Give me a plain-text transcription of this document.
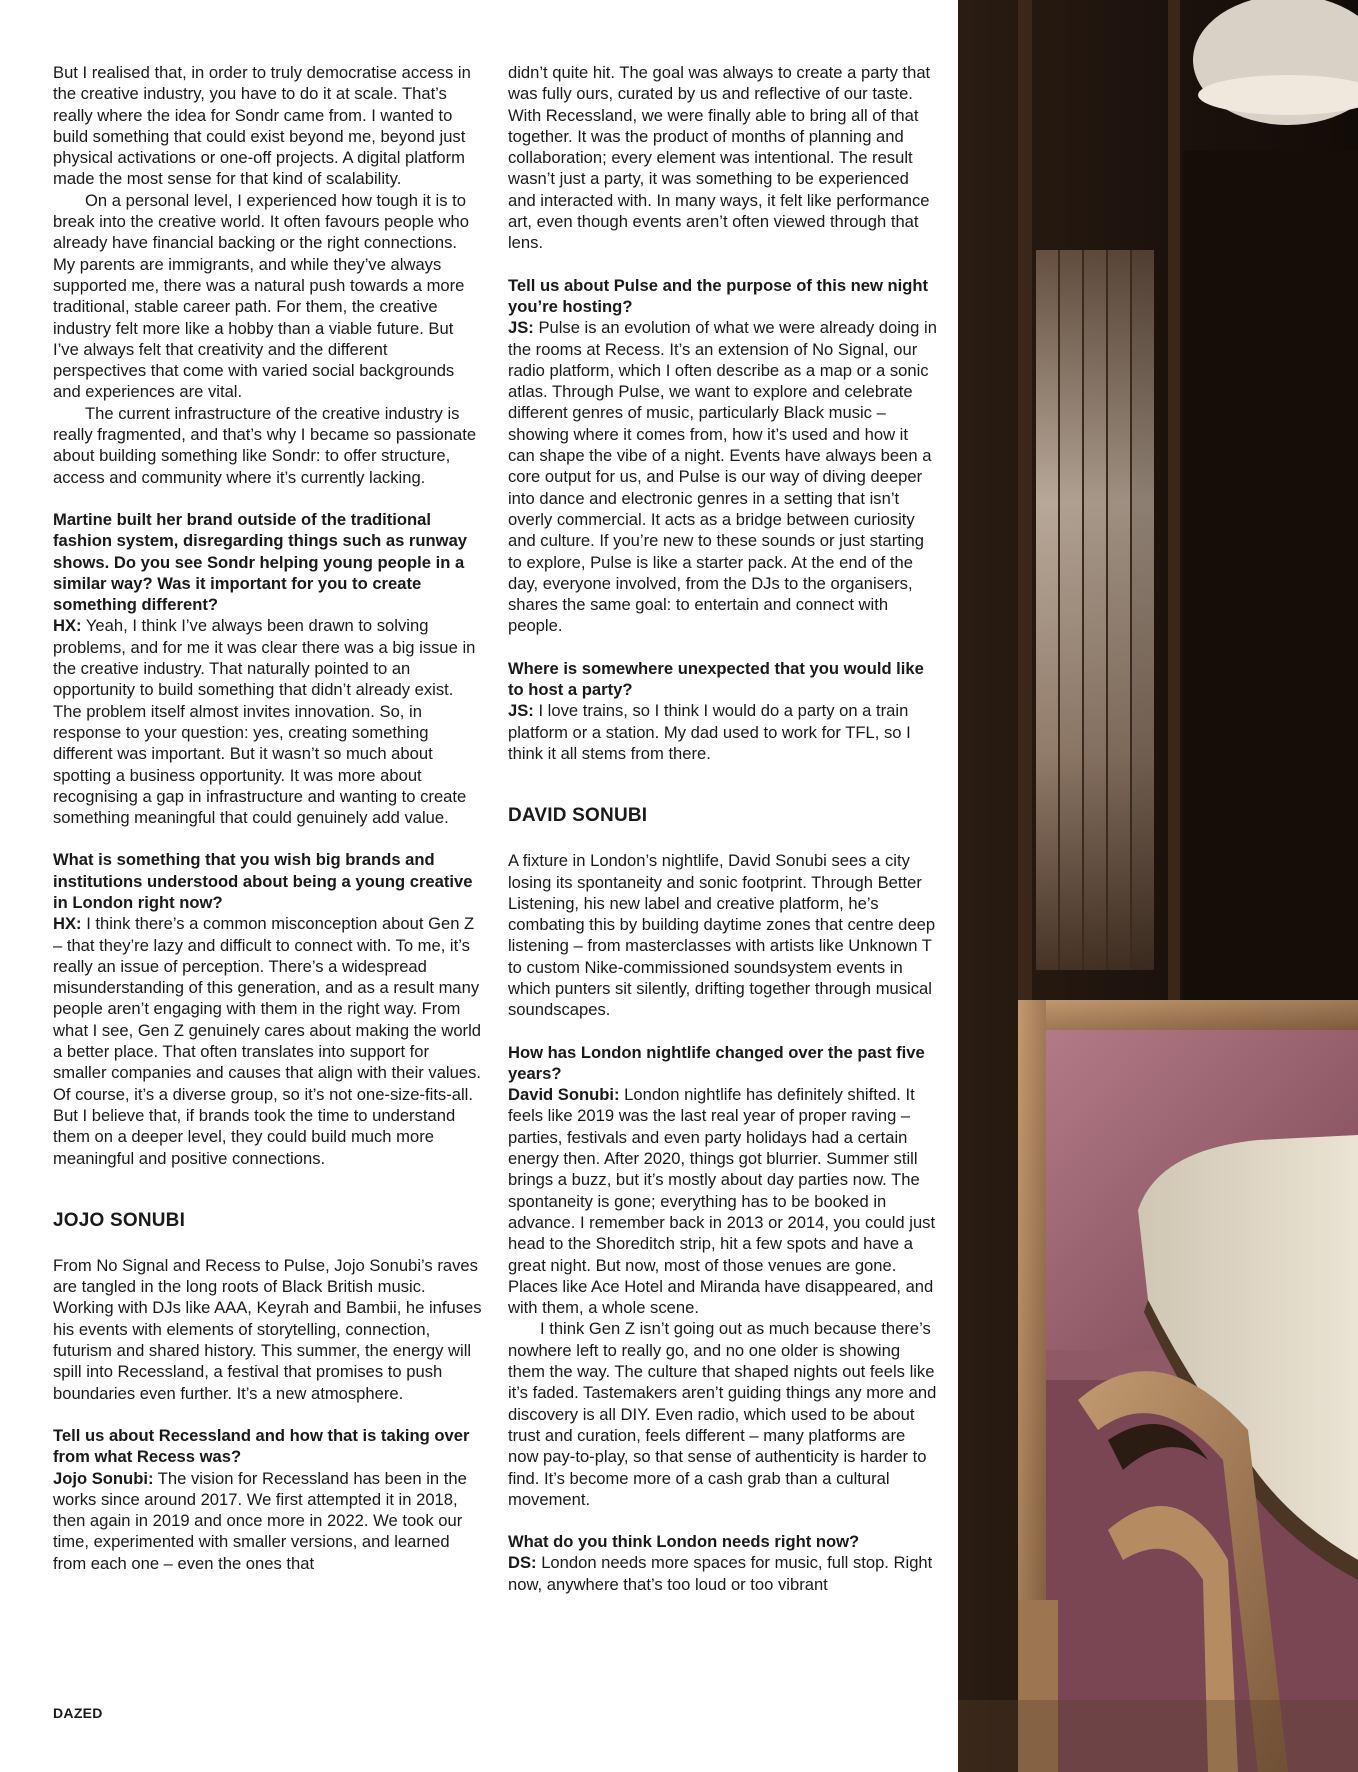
But I realised that, in order to truly democratise access in the creative industry, you have to do it at scale. That’s really where the idea for Sondr came from. I wanted to build something that could exist beyond me, beyond just physical activations or one-off projects. A digital platform made the most sense for that kind of scalability.

On a personal level, I experienced how tough it is to break into the creative world. It often favours people who already have financial backing or the right connections. My parents are immigrants, and while they’ve always supported me, there was a natural push towards a more traditional, stable career path. For them, the creative industry felt more like a hobby than a viable future. But I’ve always felt that creativity and the different perspectives that come with varied social backgrounds and experiences are vital.

The current infrastructure of the creative industry is really fragmented, and that’s why I became so passionate about building something like Sondr: to offer structure, access and community where it’s currently lacking.

Martine built her brand outside of the traditional fashion system, disregarding things such as runway shows. Do you see Sondr helping young people in a similar way? Was it important for you to create something different?

HX: Yeah, I think I’ve always been drawn to solving problems, and for me it was clear there was a big issue in the creative industry. That naturally pointed to an opportunity to build something that didn’t already exist. The problem itself almost invites innovation. So, in response to your question: yes, creating something different was important. But it wasn’t so much about spotting a business opportunity. It was more about recognising a gap in infrastructure and wanting to create something meaningful that could genuinely add value.

What is something that you wish big brands and institutions understood about being a young creative in London right now?

HX: I think there’s a common misconception about Gen Z – that they’re lazy and difficult to connect with. To me, it’s really an issue of perception. There’s a widespread misunderstanding of this generation, and as a result many people aren’t engaging with them in the right way. From what I see, Gen Z genuinely cares about making the world a better place. That often translates into support for smaller companies and causes that align with their values. Of course, it’s a diverse group, so it’s not one-size-fits-all. But I believe that, if brands took the time to understand them on a deeper level, they could build much more meaningful and positive connections.

JOJO SONUBI

From No Signal and Recess to Pulse, Jojo Sonubi’s raves are tangled in the long roots of Black British music. Working with DJs like AAA, Keyrah and Bambii, he infuses his events with elements of storytelling, connection, futurism and shared history. This summer, the energy will spill into Recessland, a festival that promises to push boundaries even further. It’s a new atmosphere.

Tell us about Recessland and how that is taking over from what Recess was?

Jojo Sonubi: The vision for Recessland has been in the works since around 2017. We first attempted it in 2018, then again in 2019 and once more in 2022. We took our time, experimented with smaller versions, and learned from each one – even the ones that

didn’t quite hit. The goal was always to create a party that was fully ours, curated by us and reflective of our taste. With Recessland, we were finally able to bring all of that together. It was the product of months of planning and collaboration; every element was intentional. The result wasn’t just a party, it was something to be experienced and interacted with. In many ways, it felt like performance art, even though events aren’t often viewed through that lens.

Tell us about Pulse and the purpose of this new night you’re hosting?

JS: Pulse is an evolution of what we were already doing in the rooms at Recess. It’s an extension of No Signal, our radio platform, which I often describe as a map or a sonic atlas. Through Pulse, we want to explore and celebrate different genres of music, particularly Black music – showing where it comes from, how it’s used and how it can shape the vibe of a night. Events have always been a core output for us, and Pulse is our way of diving deeper into dance and electronic genres in a setting that isn’t overly commercial. It acts as a bridge between curiosity and culture. If you’re new to these sounds or just starting to explore, Pulse is like a starter pack. At the end of the day, everyone involved, from the DJs to the organisers, shares the same goal: to entertain and connect with people.

Where is somewhere unexpected that you would like to host a party?

JS: I love trains, so I think I would do a party on a train platform or a station. My dad used to work for TFL, so I think it all stems from there.

DAVID SONUBI

A fixture in London’s nightlife, David Sonubi sees a city losing its spontaneity and sonic footprint. Through Better Listening, his new label and creative platform, he’s combating this by building daytime zones that centre deep listening – from masterclasses with artists like Unknown T to custom Nike-commissioned soundsystem events in which punters sit silently, drifting together through musical soundscapes.

How has London nightlife changed over the past five years?

David Sonubi: London nightlife has definitely shifted. It feels like 2019 was the last real year of proper raving – parties, festivals and even party holidays had a certain energy then. After 2020, things got blurrier. Summer still brings a buzz, but it’s mostly about day parties now. The spontaneity is gone; everything has to be booked in advance. I remember back in 2013 or 2014, you could just head to the Shoreditch strip, hit a few spots and have a great night. But now, most of those venues are gone. Places like Ace Hotel and Miranda have disappeared, and with them, a whole scene.

I think Gen Z isn’t going out as much because there’s nowhere left to really go, and no one older is showing them the way. The culture that shaped nights out feels like it’s faded. Tastemakers aren’t guiding things any more and discovery is all DIY. Even radio, which used to be about trust and curation, feels different – many platforms are now pay-to-play, so that sense of authenticity is harder to find. It’s become more of a cash grab than a cultural movement.

What do you think London needs right now?

DS: London needs more spaces for music, full stop. Right now, anywhere that’s too loud or too vibrant

DAZED
